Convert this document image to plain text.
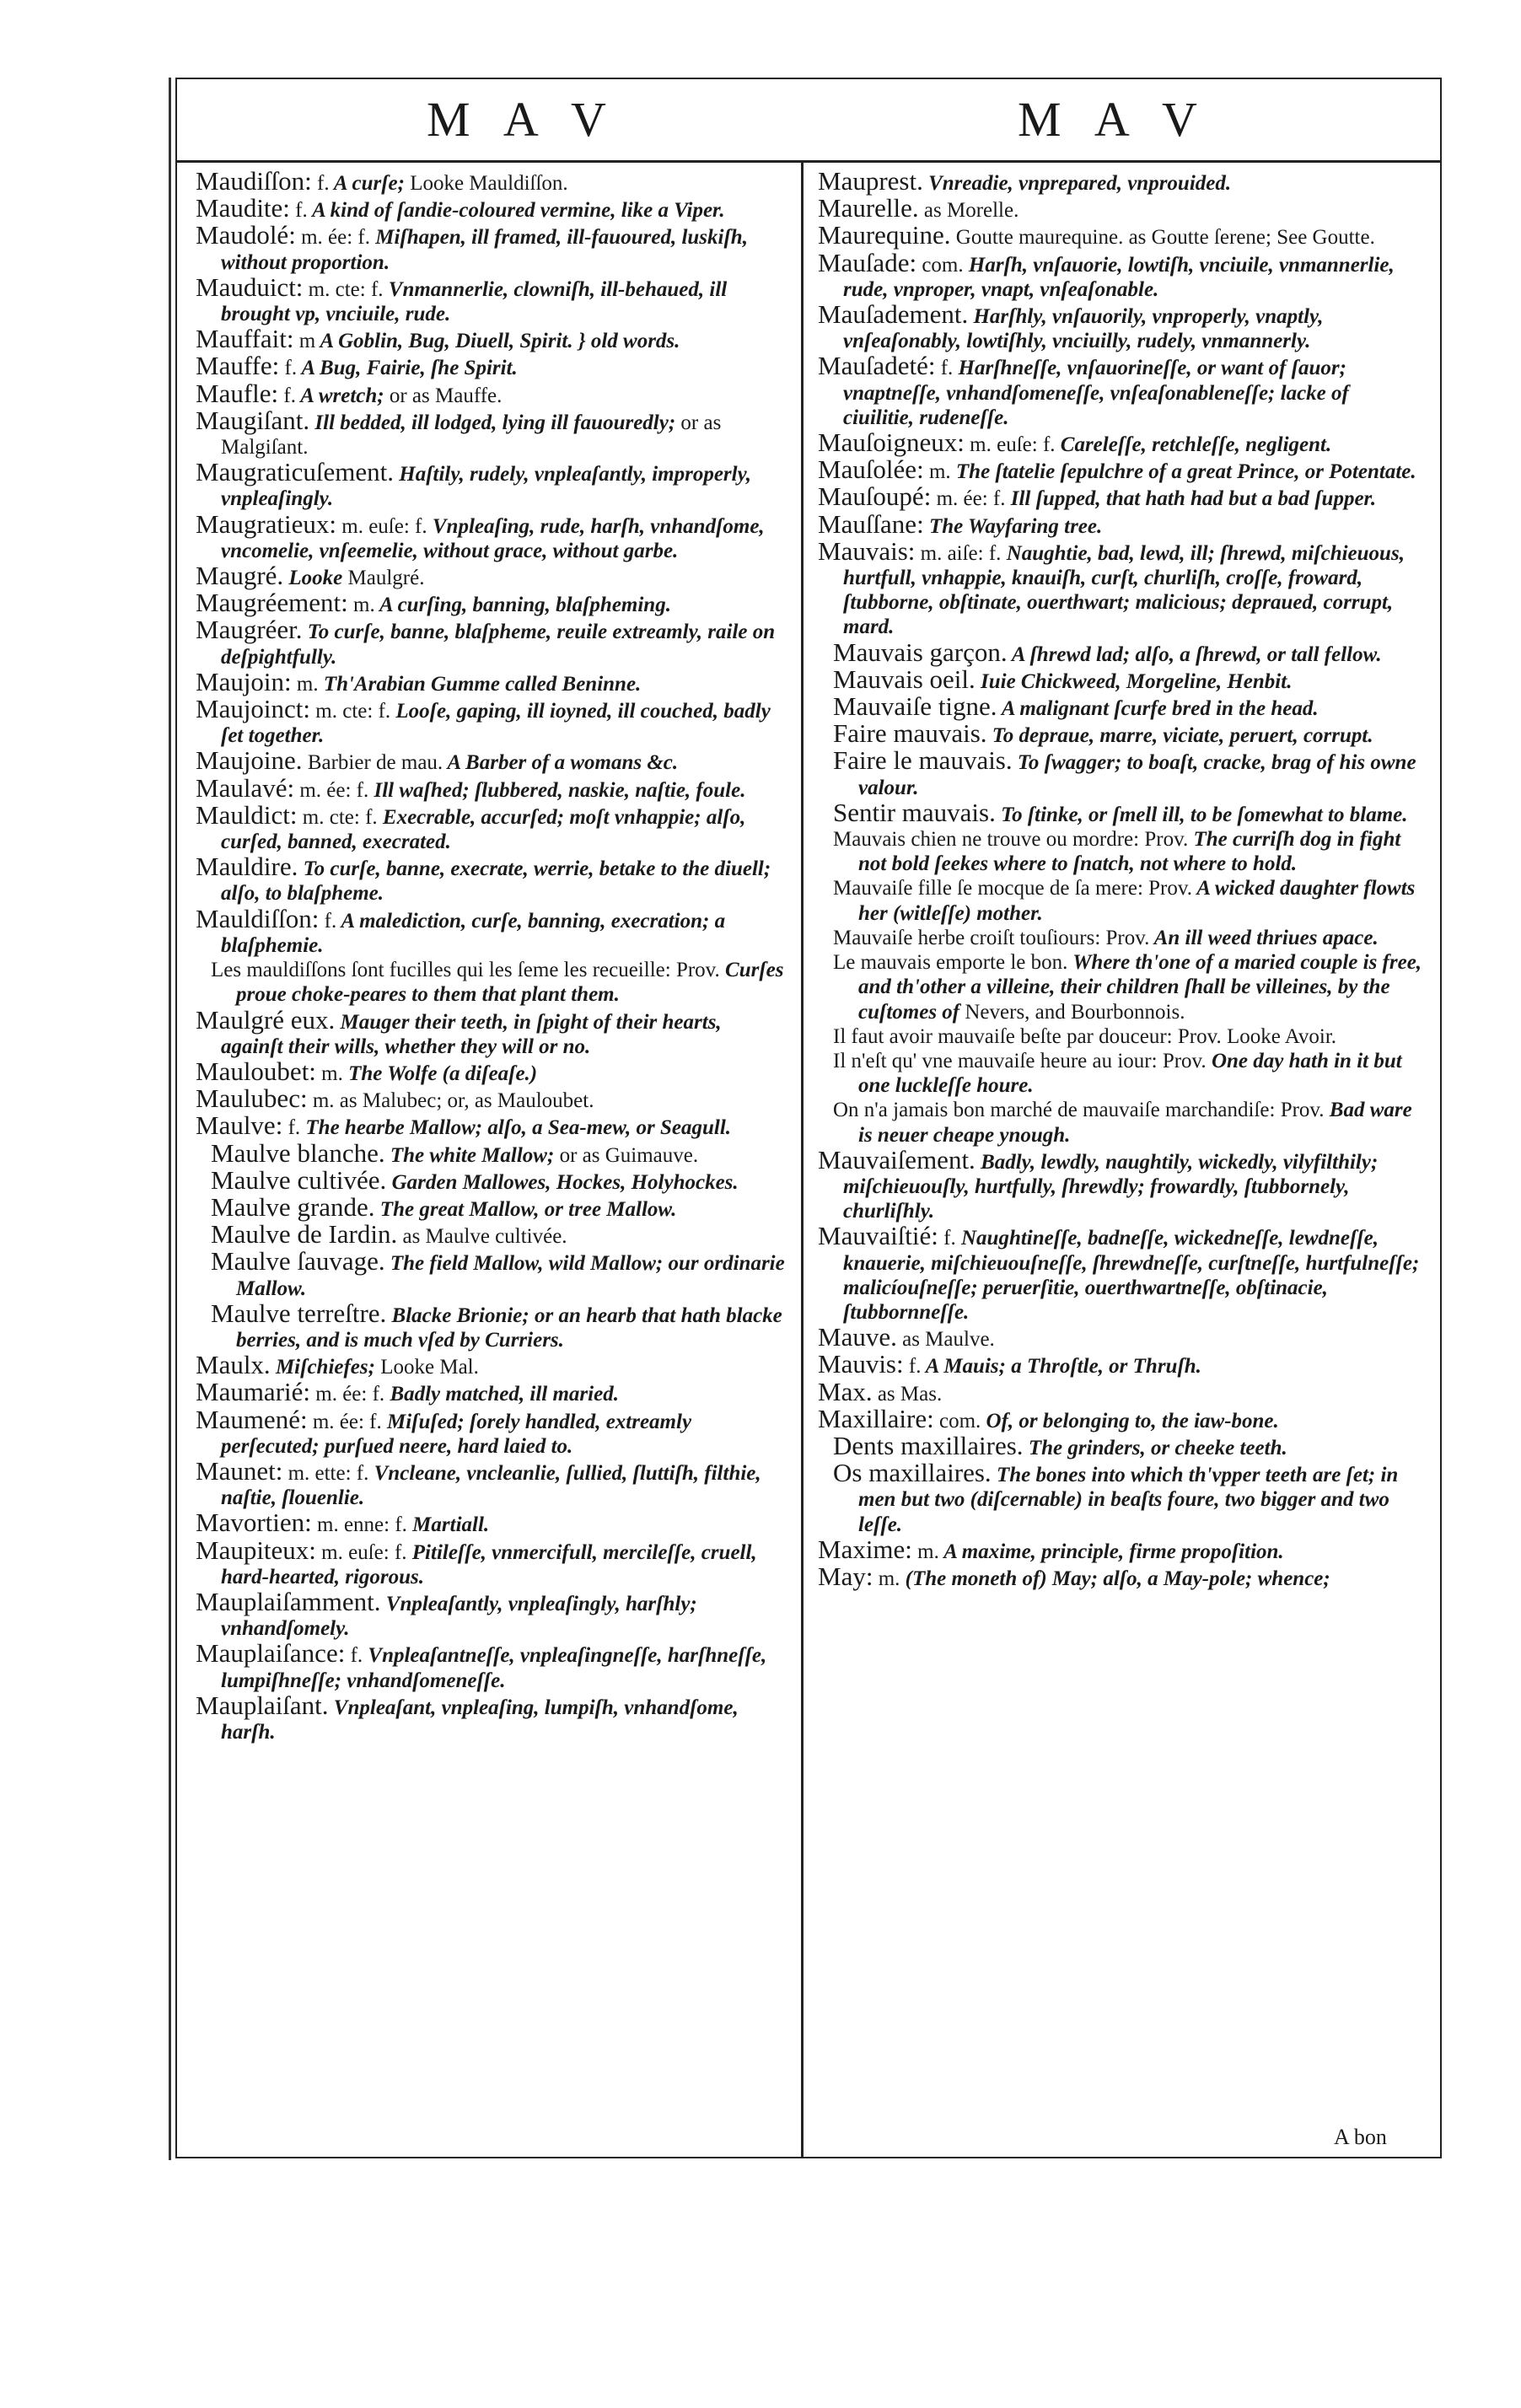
M A V	M A V

Maudiſſon: f. A curſe; Looke Mauldiſſon.

Maudite: f. A kind of ſandie-coloured vermine, like a Viper.

Maudolé: m. ée: f. Miſhapen, ill framed, ill-fauoured, luskiſh, without proportion.

Mauduict: m. cte: f. Vnmannerlie, clowniſh, ill-behaued, ill brought vp, vnciuile, rude.

Mauffait: m A Goblin, Bug, Diuell, Spirit. } old words.

Mauffe: f. A Bug, Fairie, ſhe Spirit.

Maufle: f. A wretch; or as Mauffe.

Maugiſant. Ill bedded, ill lodged, lying ill fauouredly; or as Malgiſant.

Maugraticuſement. Haſtily, rudely, vnpleaſantly, improperly, vnpleaſingly.

Maugratieux: m. euſe: f. Vnpleaſing, rude, harſh, vnhandſome, vncomelie, vnſeemelie, without grace, without garbe.

Maugré. Looke Maulgré.

Maugréement: m. A curſing, banning, blaſpheming.

Maugréer. To curſe, banne, blaſpheme, reuile extreamly, raile on deſpightfully.

Maujoin: m. Th'Arabian Gumme called Beninne.

Maujoinct: m. cte: f. Looſe, gaping, ill ioyned, ill couched, badly ſet together.

Maujoine. Barbier de mau. A Barber of a womans &c.

Maulavé: m. ée: f. Ill waſhed; ſlubbered, naskie, naſtie, foule.

Mauldict: m. cte: f. Execrable, accurſed; moſt vnhappie; alſo, curſed, banned, execrated.

Mauldire. To curſe, banne, execrate, werrie, betake to the diuell; alſo, to blaſpheme.

Mauldiſſon: f. A malediction, curſe, banning, execration; a blaſphemie.

Les mauldiſſons ſont fucilles qui les ſeme les recueille: Prov. Curſes proue choke-peares to them that plant them.

Maulgré eux. Mauger their teeth, in ſpight of their hearts, againſt their wills, whether they will or no.

Mauloubet: m. The Wolfe (a diſeaſe.)

Maulubec: m. as Malubec; or, as Mauloubet.

Maulve: f. The hearbe Mallow; alſo, a Sea-mew, or Seagull.

Maulve blanche. The white Mallow; or as Guimauve.

Maulve cultivée. Garden Mallowes, Hockes, Holyhockes.

Maulve grande. The great Mallow, or tree Mallow.

Maulve de Iardin. as Maulve cultivée.

Maulve ſauvage. The field Mallow, wild Mallow; our ordinarie Mallow.

Maulve terreſtre. Blacke Brionie; or an hearb that hath blacke berries, and is much vſed by Curriers.

Maulx. Miſchiefes; Looke Mal.

Maumarié: m. ée: f. Badly matched, ill maried.

Maumené: m. ée: f. Miſuſed; ſorely handled, extreamly perſecuted; purſued neere, hard laied to.

Maunet: m. ette: f. Vncleane, vncleanlie, ſullied, ſluttiſh, filthie, naſtie, ſlouenlie.

Mavortien: m. enne: f. Martiall.

Maupiteux: m. euſe: f. Pitileſſe, vnmercifull, mercileſſe, cruell, hard-hearted, rigorous.

Mauplaiſamment. Vnpleaſantly, vnpleaſingly, harſhly; vnhandſomely.

Mauplaiſance: f. Vnpleaſantneſſe, vnpleaſingneſſe, harſhneſſe, lumpiſhneſſe; vnhandſomeneſſe.

Mauplaiſant. Vnpleaſant, vnpleaſing, lumpiſh, vnhandſome, harſh.

Mauprest. Vnreadie, vnprepared, vnprouided.

Maurelle. as Morelle.

Maurequine. Goutte maurequine. as Goutte ſerene; See Goutte.

Mauſade: com. Harſh, vnſauorie, lowtiſh, vnciuile, vnmannerlie, rude, vnproper, vnapt, vnſeaſonable.

Mauſadement. Harſhly, vnſauorily, vnproperly, vnaptly, vnſeaſonably, lowtiſhly, vnciuilly, rudely, vnmannerly.

Mauſadeté: f. Harſhneſſe, vnſauorineſſe, or want of ſauor; vnaptneſſe, vnhandſomeneſſe, vnſeaſonableneſſe; lacke of ciuilitie, rudeneſſe.

Mauſoigneux: m. euſe: f. Careleſſe, retchleſſe, negligent.

Mauſolée: m. The ſtatelie ſepulchre of a great Prince, or Potentate.

Mauſoupé: m. ée: f. Ill ſupped, that hath had but a bad ſupper.

Mauſſane: The Wayfaring tree.

Mauvais: m. aiſe: f. Naughtie, bad, lewd, ill; ſhrewd, miſchieuous, hurtfull, vnhappie, knauiſh, curſt, churliſh, croſſe, froward, ſtubborne, obſtinate, ouerthwart; malicious; depraued, corrupt, mard.

Mauvais garçon. A ſhrewd lad; alſo, a ſhrewd, or tall fellow.

Mauvais oeil. Iuie Chickweed, Morgeline, Henbit.

Mauvaiſe tigne. A malignant ſcurfe bred in the head.

Faire mauvais. To depraue, marre, viciate, peruert, corrupt.

Faire le mauvais. To ſwagger; to boaſt, cracke, brag of his owne valour.

Sentir mauvais. To ſtinke, or ſmell ill, to be ſomewhat to blame.

Mauvais chien ne trouve ou mordre: Prov. The curriſh dog in fight not bold ſeekes where to ſnatch, not where to hold.

Mauvaiſe fille ſe mocque de ſa mere: Prov. A wicked daughter flowts her (witleſſe) mother.

Mauvaiſe herbe croiſt touſiours: Prov. An ill weed thriues apace.

Le mauvais emporte le bon. Where th'one of a maried couple is free, and th'other a villeine, their children ſhall be villeines, by the cuſtomes of Nevers, and Bourbonnois.

Il faut avoir mauvaiſe beſte par douceur: Prov. Looke Avoir.

Il n'eſt qu' vne mauvaiſe heure au iour: Prov. One day hath in it but one luckleſſe houre.

On n'a jamais bon marché de mauvaiſe marchandiſe: Prov. Bad ware is neuer cheape ynough.

Mauvaiſement. Badly, lewdly, naughtily, wickedly, vilyfilthily; miſchieuouſly, hurtfully, ſhrewdly; frowardly, ſtubbornely, churliſhly.

Mauvaiſtié: f. Naughtineſſe, badneſſe, wickedneſſe, lewdneſſe, knauerie, miſchieuouſneſſe, ſhrewdneſſe, curſtneſſe, hurtfulneſſe; malicíouſneſſe; peruerſitie, ouerthwartneſſe, obſtinacie, ſtubbornneſſe.

Mauve. as Maulve.

Mauvis: f. A Mauis; a Throſtle, or Thruſh.

Max. as Mas.

Maxillaire: com. Of, or belonging to, the iaw-bone.

Dents maxillaires. The grinders, or cheeke teeth.

Os maxillaires. The bones into which th'vpper teeth are ſet; in men but two (diſcernable) in beaſts foure, two bigger and two leſſe.

Maxime: m. A maxime, principle, firme propoſition.

May: m. (The moneth of) May; alſo, a May-pole; whence;

A bon
